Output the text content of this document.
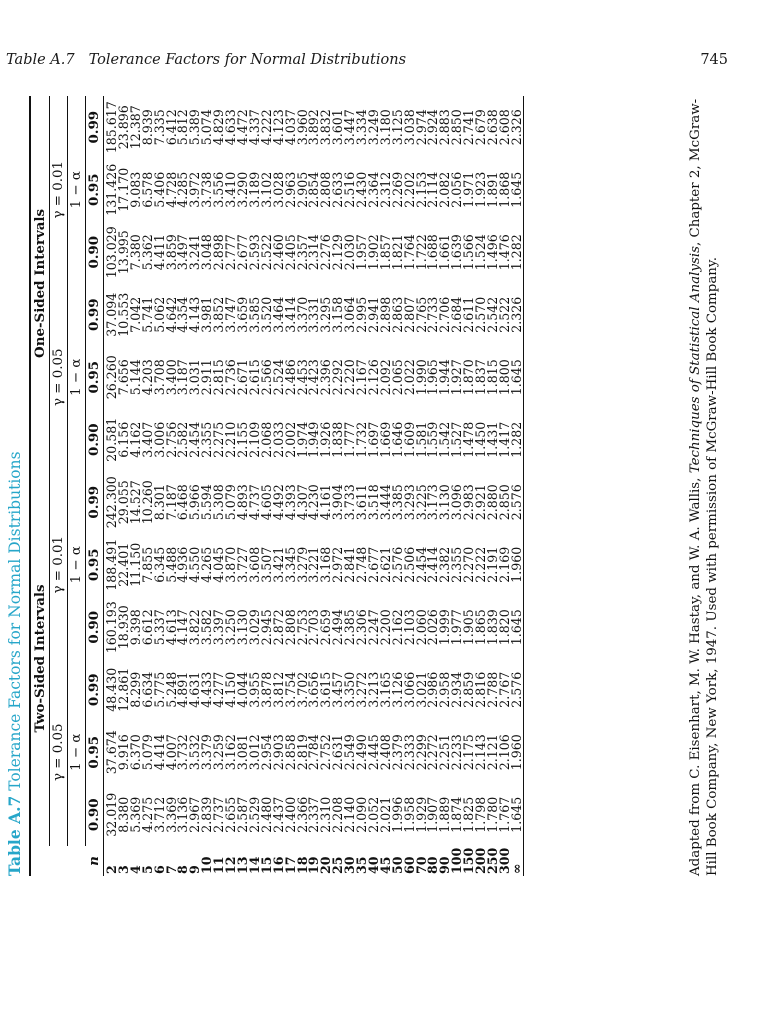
Table A.7 Tolerance Factors for Normal Distributions	745
Table A.7 Tolerance Factors for Normal Distributions
	Two-Sided Intervals						One-Sided Intervals					
	γ = 0.05			γ = 0.01			γ = 0.05			γ = 0.01		
	1 − α			1 − α			1 − α			1 − α		
n	0.90	0.95	0.99	0.90	0.95	0.99	0.90	0.95	0.99	0.90	0.95	0.99
2	32.019	37.674	48.430	160.193	188.491	242.300	20.581	26.260	37.094	103.029	131.426	185.617
3	8.380	9.916	12.861	18.930	22.401	29.055	6.156	7.656	10.553	13.995	17.170	23.896
4	5.369	6.370	8.299	9.398	11.150	14.527	4.162	5.144	7.042	7.380	9.083	12.387
5	4.275	5.079	6.634	6.612	7.855	10.260	3.407	4.203	5.741	5.362	6.578	8.939
6	3.712	4.414	5.775	5.337	6.345	8.301	3.006	3.708	5.062	4.411	5.406	7.335
7	3.369	4.007	5.248	4.613	5.488	7.187	2.756	3.400	4.642	3.859	4.728	6.412
8	3.136	3.732	4.891	4.147	4.936	6.468	2.582	3.187	4.354	3.497	4.285	5.812
9	2.967	3.532	4.631	3.822	4.550	5.966	2.454	3.031	4.143	3.241	3.972	5.389
10	2.839	3.379	4.433	3.582	4.265	5.594	2.355	2.911	3.981	3.048	3.738	5.074
11	2.737	3.259	4.277	3.397	4.045	5.308	2.275	2.815	3.852	2.898	3.556	4.829
12	2.655	3.162	4.150	3.250	3.870	5.079	2.210	2.736	3.747	2.777	3.410	4.633
13	2.587	3.081	4.044	3.130	3.727	4.893	2.155	2.671	3.659	2.677	3.290	4.472
14	2.529	3.012	3.955	3.029	3.608	4.737	2.109	2.615	3.585	2.593	3.189	4.337
15	2.480	2.954	3.878	2.945	3.507	4.605	2.068	2.566	3.520	2.522	3.102	4.222
16	2.437	2.903	3.812	2.872	3.421	4.492	2.033	2.524	3.464	2.460	3.028	4.123
17	2.400	2.858	3.754	2.808	3.345	4.393	2.002	2.486	3.414	2.405	2.963	4.037
18	2.366	2.819	3.702	2.753	3.279	4.307	1.974	2.453	3.370	2.357	2.905	3.960
19	2.337	2.784	3.656	2.703	3.221	4.230	1.949	2.423	3.331	2.314	2.854	3.892
20	2.310	2.752	3.615	2.659	3.168	4.161	1.926	2.396	3.295	2.276	2.808	3.832
25	2.208	2.631	3.457	2.494	2.972	3.904	1.838	2.292	3.158	2.129	2.633	3.601
30	2.140	2.549	3.350	2.385	2.841	3.733	1.777	2.220	3.064	2.030	2.516	3.447
35	2.090	2.490	3.272	2.306	2.748	3.611	1.732	2.167	2.995	1.957	2.430	3.334
40	2.052	2.445	3.213	2.247	2.677	3.518	1.697	2.126	2.941	1.902	2.364	3.249
45	2.021	2.408	3.165	2.200	2.621	3.444	1.669	2.092	2.898	1.857	2.312	3.180
50	1.996	2.379	3.126	2.162	2.576	3.385	1.646	2.065	2.863	1.821	2.269	3.125
60	1.958	2.333	3.066	2.103	2.506	3.293	1.609	2.022	2.807	1.764	2.202	3.038
70	1.929	2.299	3.021	2.060	2.454	3.225	1.581	1.990	2.765	1.722	2.153	2.974
80	1.907	2.272	2.986	2.026	2.414	3.173	1.559	1.965	2.733	1.688	2.114	2.924
90	1.889	2.251	2.958	1.999	2.382	3.130	1.542	1.944	2.706	1.661	2.082	2.883
100	1.874	2.233	2.934	1.977	2.355	3.096	1.527	1.927	2.684	1.639	2.056	2.850
150	1.825	2.175	2.859	1.905	2.270	2.983	1.478	1.870	2.611	1.566	1.971	2.741
200	1.798	2.143	2.816	1.865	2.222	2.921	1.450	1.837	2.570	1.524	1.923	2.679
250	1.780	2.121	2.788	1.839	2.191	2.880	1.431	1.815	2.542	1.496	1.891	2.638
300	1.767	2.106	2.767	1.820	2.169	2.850	1.417	1.800	2.522	1.476	1.868	2.608
∞	1.645	1.960	2.576	1.645	1.960	2.576	1.282	1.645	2.326	1.282	1.645	2.326
Adapted from C. Eisenhart, M. W. Hastay, and W. A. Wallis, Techniques of Statistical Analysis, Chapter 2, McGraw-Hill Book Company, New York, 1947. Used with permission of McGraw-Hill Book Company.
